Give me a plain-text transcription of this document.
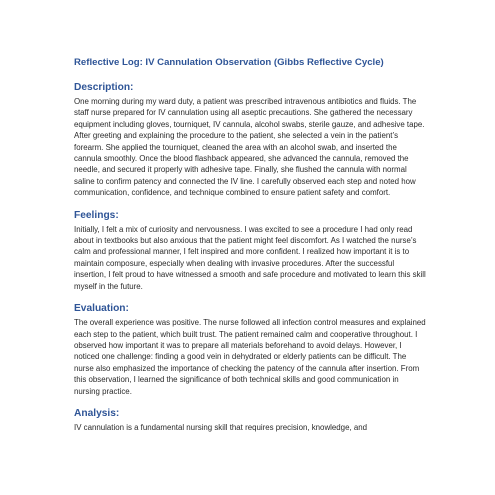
Reflective Log: IV Cannulation Observation (Gibbs Reflective Cycle)
Description:

One morning during my ward duty, a patient was prescribed intravenous antibiotics and fluids. The staff nurse prepared for IV cannulation using all aseptic precautions. She gathered the necessary equipment including gloves, tourniquet, IV cannula, alcohol swabs, sterile gauze, and adhesive tape. After greeting and explaining the procedure to the patient, she selected a vein in the patient’s forearm. She applied the tourniquet, cleaned the area with an alcohol swab, and inserted the cannula smoothly. Once the blood flashback appeared, she advanced the cannula, removed the needle, and secured it properly with adhesive tape. Finally, she flushed the cannula with normal saline to confirm patency and connected the IV line. I carefully observed each step and noted how communication, confidence, and technique combined to ensure patient safety and comfort.

Feelings:

Initially, I felt a mix of curiosity and nervousness. I was excited to see a procedure I had only read about in textbooks but also anxious that the patient might feel discomfort. As I watched the nurse’s calm and professional manner, I felt inspired and more confident. I realized how important it is to maintain composure, especially when dealing with invasive procedures. After the successful insertion, I felt proud to have witnessed a smooth and safe procedure and motivated to learn this skill myself in the future.

Evaluation:

The overall experience was positive. The nurse followed all infection control measures and explained each step to the patient, which built trust. The patient remained calm and cooperative throughout. I observed how important it was to prepare all materials beforehand to avoid delays. However, I noticed one challenge: finding a good vein in dehydrated or elderly patients can be difficult. The nurse also emphasized the importance of checking the patency of the cannula after insertion. From this observation, I learned the significance of both technical skills and good communication in nursing practice.

Analysis:

IV cannulation is a fundamental nursing skill that requires precision, knowledge, and
